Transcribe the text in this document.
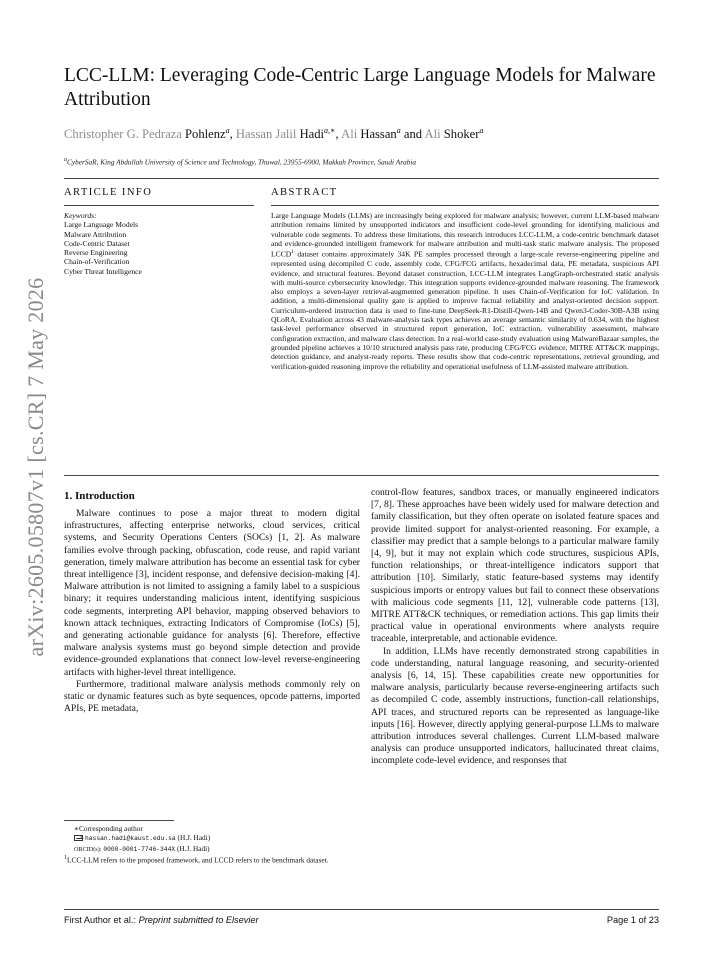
arXiv:2605.05807v1 [cs.CR] 7 May 2026
LCC-LLM: Leveraging Code-Centric Large Language Models for Malware Attribution
Christopher G. Pedraza Pohlenz$^a$, Hassan Jalil Hadi$^{a,∗}$, Ali Hassan$^a$ and Ali Shoker$^a$
$^a$CyberSaR, King Abdullah University of Science and Technology, Thuwal, 23955-6900, Makkah Province, Saudi Arabia
ARTICLE INFO	ABSTRACT
Keywords:
Large Language Models
Malware Attribution
Code-Centric Dataset
Reverse Engineering
Chain-of-Verification
Cyber Threat Intelligence
Large Language Models (LLMs) are increasingly being explored for malware analysis; however, current LLM-based malware attribution remains limited by unsupported indicators and insufficient code-level grounding for identifying malicious and vulnerable code segments. To address these limitations, this research introduces LCC-LLM, a code-centric benchmark dataset and evidence-grounded intelligent framework for malware attribution and multi-task static malware analysis. The proposed LCCD$^1$ dataset contains approximately 34K PE samples processed through a large-scale reverse-engineering pipeline and represented using decompiled C code, assembly code, CFG/FCG artifacts, hexadecimal data, PE metadata, suspicious API evidence, and structural features. Beyond dataset construction, LCC-LLM integrates LangGraph-orchestrated static analysis with multi-source cybersecurity knowledge. This integration supports evidence-grounded malware reasoning. The framework also employs a seven-layer retrieval-augmented generation pipeline. It uses Chain-of-Verification for IoC validation. In addition, a multi-dimensional quality gate is applied to improve factual reliability and analyst-oriented decision support. Curriculum-ordered instruction data is used to fine-tune DeepSeek-R1-Distill-Qwen-14B and Qwen3-Coder-30B-A3B using QLoRA. Evaluation across 43 malware-analysis task types achieves an average semantic similarity of 0.634, with the highest task-level performance observed in structured report generation, IoC extraction, vulnerability assessment, malware configuration extraction, and malware class detection. In a real-world case-study evaluation using MalwareBazaar samples, the grounded pipeline achieves a 10/10 structured analysis pass rate, producing CFG/FCG evidence, MITRE ATT&CK mappings, detection guidance, and analyst-ready reports. These results show that code-centric representations, retrieval grounding, and verification-guided reasoning improve the reliability and operational usefulness of LLM-assisted malware attribution.
1. Introduction

Malware continues to pose a major threat to modern digital infrastructures, affecting enterprise networks, cloud services, critical systems, and Security Operations Centers (SOCs) [1, 2]. As malware families evolve through packing, obfuscation, code reuse, and rapid variant generation, timely malware attribution has become an essential task for cyber threat intelligence [3], incident response, and defensive decision-making [4]. Malware attribution is not limited to assigning a family label to a suspicious binary; it requires understanding malicious intent, identifying suspicious code segments, interpreting API behavior, mapping observed behaviors to known attack techniques, extracting Indicators of Compromise (IoCs) [5], and generating actionable guidance for analysts [6]. Therefore, effective malware analysis systems must go beyond simple detection and provide evidence-grounded explanations that connect low-level reverse-engineering artifacts with higher-level threat intelligence.

Furthermore, traditional malware analysis methods commonly rely on static or dynamic features such as byte sequences, opcode patterns, imported APIs, PE metadata,

control-flow features, sandbox traces, or manually engineered indicators [7, 8]. These approaches have been widely used for malware detection and family classification, but they often operate on isolated feature spaces and provide limited support for analyst-oriented reasoning. For example, a classifier may predict that a sample belongs to a particular malware family [4, 9], but it may not explain which code structures, suspicious APIs, function relationships, or threat-intelligence indicators support that attribution [10]. Similarly, static feature-based systems may identify suspicious imports or entropy values but fail to connect these observations with malicious code segments [11, 12], vulnerable code patterns [13], MITRE ATT&CK techniques, or remediation actions. This gap limits their practical value in operational environments where analysts require traceable, interpretable, and actionable evidence.

In addition, LLMs have recently demonstrated strong capabilities in code understanding, natural language reasoning, and security-oriented analysis [6, 14, 15]. These capabilities create new opportunities for malware analysis, particularly because reverse-engineering artifacts such as decompiled C code, assembly instructions, function-call relationships, API traces, and structured reports can be represented as language-like inputs [16]. However, directly applying general-purpose LLMs to malware attribution introduces several challenges. Current LLM-based malware analysis can produce unsupported indicators, hallucinated threat claims, incomplete code-level evidence, and responses that

∗Corresponding author
hassan.hadi@kaust.edu.sa (H.J. Hadi)
ORCID(s): 0000-0001-7746-344X (H.J. Hadi)
$^1$LCC-LLM refers to the proposed framework, and LCCD refers to the benchmark dataset.
First Author et al.: Preprint submitted to Elsevier	Page 1 of 23
